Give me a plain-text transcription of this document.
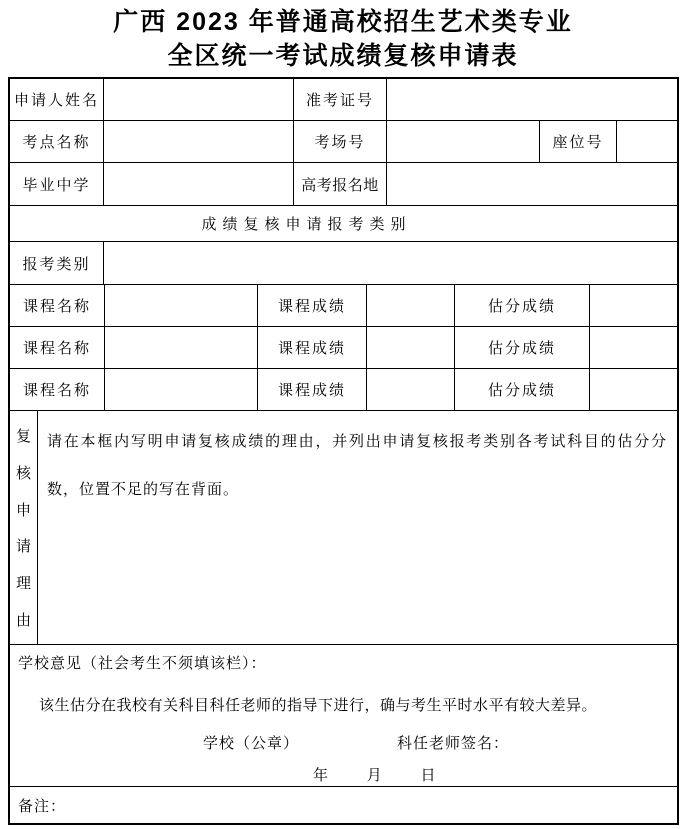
广西 2023 年普通高校招生艺术类专业
全区统一考试成绩复核申请表
申请人姓名	准考证号
考点名称	考场号	座位号
毕业中学	高考报名地
成绩复核申请报考类别
报考类别
课程名称	课程成绩	估分成绩
课程名称	课程成绩	估分成绩
课程名称	课程成绩	估分成绩
复
核
申
请
理
由
请在本框内写明申请复核成绩的理由，并列出申请复核报考类别各考试科目的估分分数，位置不足的写在背面。
学校意见（社会考生不须填该栏）：
该生估分在我校有关科目科任老师的指导下进行，确与考生平时水平有较大差异。
学校（公章）	科任老师签名：
年	月	日
备注：
